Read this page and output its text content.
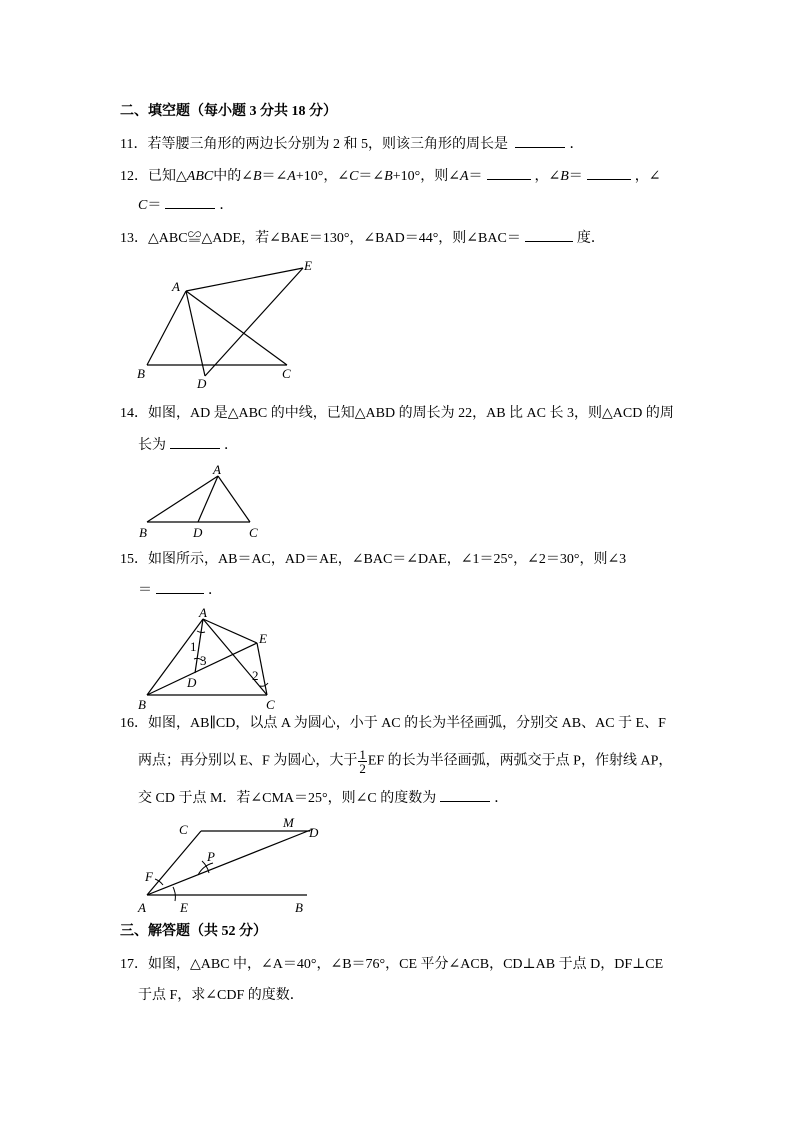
二、填空题（每小题 3 分共 18 分）
11．若等腰三角形的两边长分别为 2 和 5，则该三角形的周长是	．
12．已知△ABC中的∠B＝∠A+10°，∠C＝∠B+10°，则∠A＝	，∠B＝	，∠
C＝	．
13．△ABC≌△ADE，若∠BAE＝130°，∠BAD＝44°，则∠BAC＝	度．
A
B	C
D
E
14．如图，AD 是△ABC 的中线，已知△ABD 的周长为 22，AB 比 AC 长 3，则△ACD 的周
长为	．
A
B	C
D
15．如图所示，AB＝AC，AD＝AE，∠BAC＝∠DAE，∠1＝25°，∠2＝30°，则∠3
＝	．
A
B	C
D
E
1
2
3
16．如图，AB∥CD，以点 A 为圆心，小于 AC 的长为半径画弧，分别交 AB、AC 于 E、F
两点；再分别以 E、F 为圆心，大于 $\frac{1}{2}$ EF 的长为半径画弧，两弧交于点 P，作射线 AP，
交 CD 于点 M．若∠CMA＝25°，则∠C 的度数为	．
A	B
C	D
E
F
M
P
三、解答题（共 52 分）
17．如图，△ABC 中，∠A＝40°，∠B＝76°，CE 平分∠ACB，CD⊥AB 于点 D，DF⊥CE
于点 F，求∠CDF 的度数．
